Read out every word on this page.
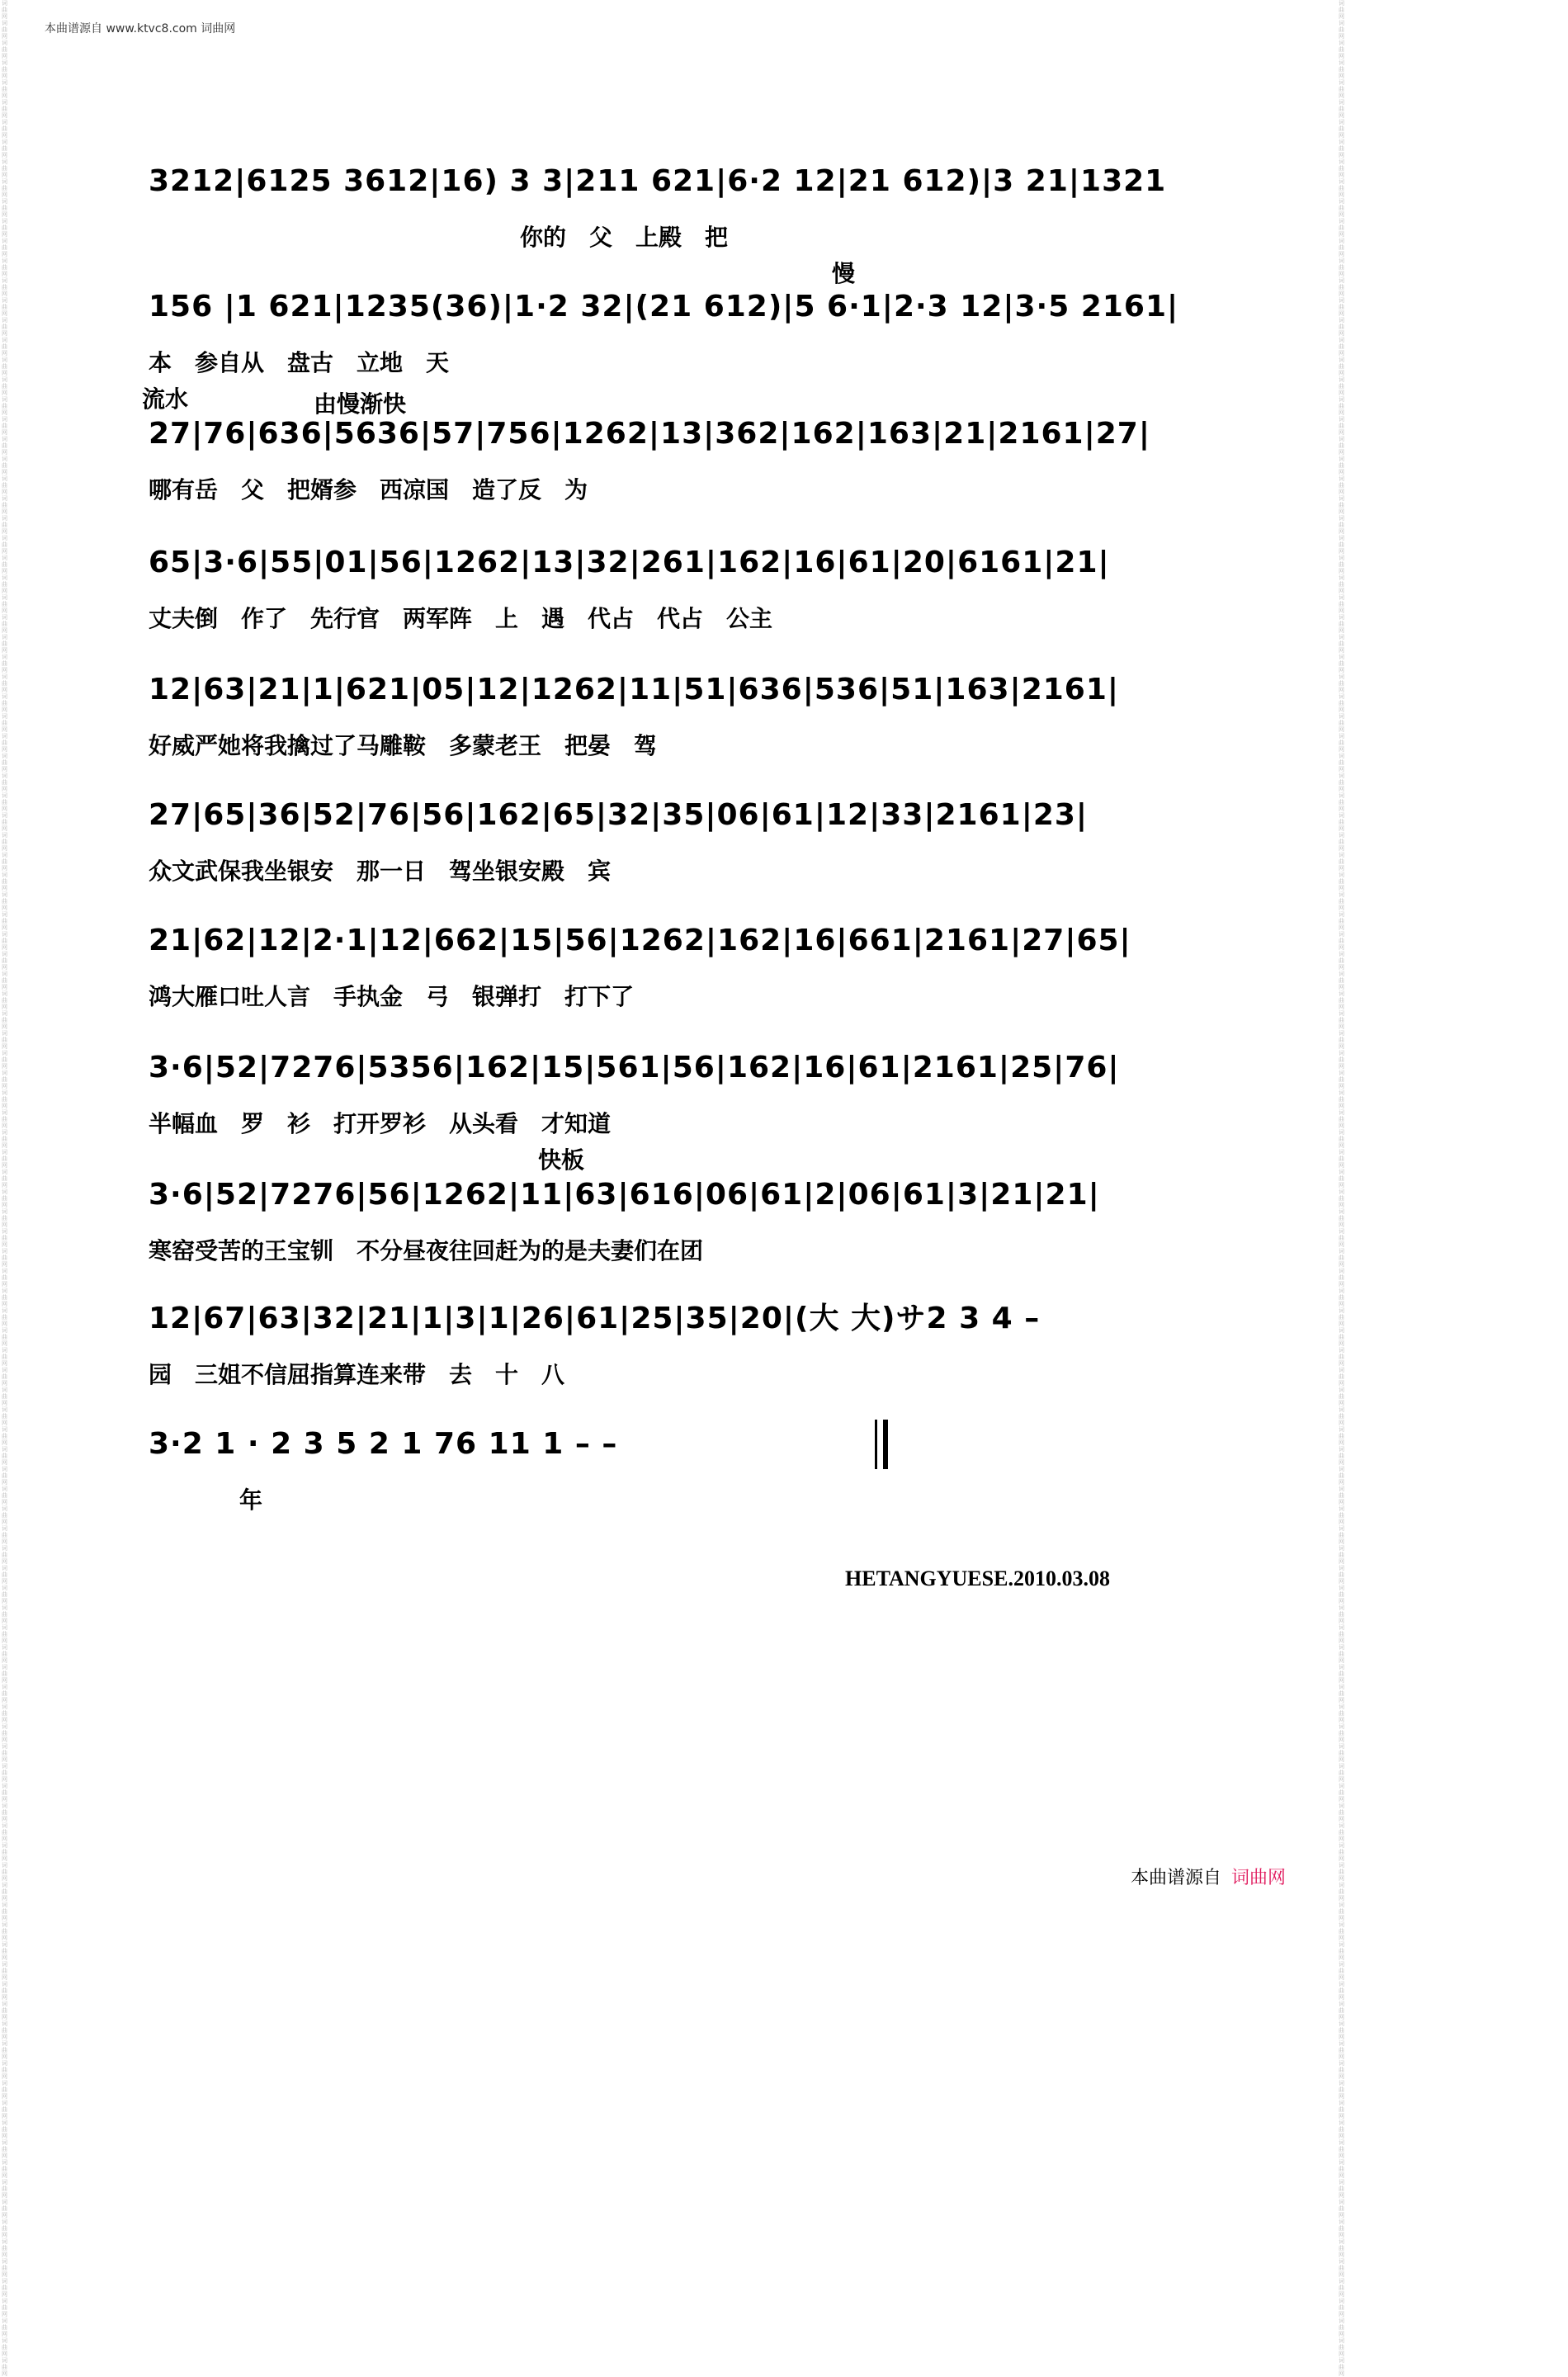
词曲网 词曲网 词曲网 词曲网 词曲网 词曲网 词曲网 词曲网 词曲网 词曲网 词曲网 词曲网 词曲网 词曲网 词曲网 词曲网 词曲网 词曲网 词曲网 词曲网 词曲网 词曲网 词曲网 词曲网 词曲网 词曲网 词曲网 词曲网 词曲网 词曲网 词曲网 词曲网 词曲网 词曲网 词曲网 词曲网 词曲网 词曲网 词曲网 词曲网 词曲网 词曲网 词曲网 词曲网 词曲网 词曲网 词曲网 词曲网 词曲网 词曲网 词曲网 词曲网 词曲网 词曲网 词曲网 词曲网 词曲网 词曲网 词曲网 词曲网 词曲网 词曲网 词曲网 词曲网 词曲网 词曲网 词曲网 词曲网 词曲网 词曲网 词曲网 词曲网 词曲网 词曲网 词曲网 词曲网 词曲网 词曲网 词曲网 词曲网 词曲网 词曲网 词曲网 词曲网 词曲网 词曲网 词曲网 词曲网 词曲网 词曲网 词曲网 词曲网 词曲网 词曲网 词曲网 词曲网 词曲网 词曲网 词曲网 词曲网 词曲网 词曲网 词曲网 词曲网 词曲网 词曲网 词曲网 词曲网 词曲网 词曲网 词曲网 词曲网 词曲网 词曲网 词曲网 词曲网 词曲网 词曲网 词曲网 词曲网
词曲网 词曲网 词曲网 词曲网 词曲网 词曲网 词曲网 词曲网 词曲网 词曲网 词曲网 词曲网 词曲网 词曲网 词曲网 词曲网 词曲网 词曲网 词曲网 词曲网 词曲网 词曲网 词曲网 词曲网 词曲网 词曲网 词曲网 词曲网 词曲网 词曲网 词曲网 词曲网 词曲网 词曲网 词曲网 词曲网 词曲网 词曲网 词曲网 词曲网 词曲网 词曲网 词曲网 词曲网 词曲网 词曲网 词曲网 词曲网 词曲网 词曲网 词曲网 词曲网 词曲网 词曲网 词曲网 词曲网 词曲网 词曲网 词曲网 词曲网 词曲网 词曲网 词曲网 词曲网 词曲网 词曲网 词曲网 词曲网 词曲网 词曲网 词曲网 词曲网 词曲网 词曲网 词曲网 词曲网 词曲网 词曲网 词曲网 词曲网 词曲网 词曲网 词曲网 词曲网 词曲网 词曲网 词曲网 词曲网 词曲网 词曲网 词曲网 词曲网 词曲网 词曲网 词曲网 词曲网 词曲网 词曲网 词曲网 词曲网 词曲网 词曲网 词曲网 词曲网 词曲网 词曲网 词曲网 词曲网 词曲网 词曲网 词曲网 词曲网 词曲网 词曲网 词曲网 词曲网 词曲网 词曲网 词曲网 词曲网
本曲谱源自 www.ktvc8.com 词曲网
3212|6125 3612|16) 3 3|211 621|6·2 12|21 612)|3 21|1321
你的　父　上殿　把
慢
156 |1 621|1235(36)|1·2 32|(21 612)|5 6·1|2·3 12|3·5 2161|
本　参自从　盘古　立地　天
流水	由慢渐快
27|76|636|5636|57|756|1262|13|362|162|163|21|2161|27|
哪有岳　父　把婿参　西凉国　造了反　为
65|3·6|55|01|56|1262|13|32|261|162|16|61|20|6161|21|
丈夫倒　作了　先行官　两军阵　上　遇　代占　代占　公主
12|63|21|1|621|05|12|1262|11|51|636|536|51|163|2161|
好威严她将我擒过了马雕鞍　多蒙老王　把晏　驾
27|65|36|52|76|56|162|65|32|35|06|61|12|33|2161|23|
众文武保我坐银安　那一日　驾坐银安殿　宾
21|62|12|2·1|12|662|15|56|1262|162|16|661|2161|27|65|
鸿大雁口吐人言　手执金　弓　银弹打　打下了
3·6|52|7276|5356|162|15|561|56|162|16|61|2161|25|76|
半幅血　罗　衫　打开罗衫　从头看　才知道
快板
3·6|52|7276|56|1262|11|63|616|06|61|2|06|61|3|21|21|
寒窑受苦的王宝钏　不分昼夜往回赶为的是夫妻们在团
12|67|63|32|21|1|3|1|26|61|25|35|20|(大 大)サ2 3 4 –
园　三姐不信屈指算连来带　去　十　八
3·2 1 · 2 3 5 2 1 76 11 1 – –
年
HETANGYUESE.2010.03.08
本曲谱源自 词曲网
